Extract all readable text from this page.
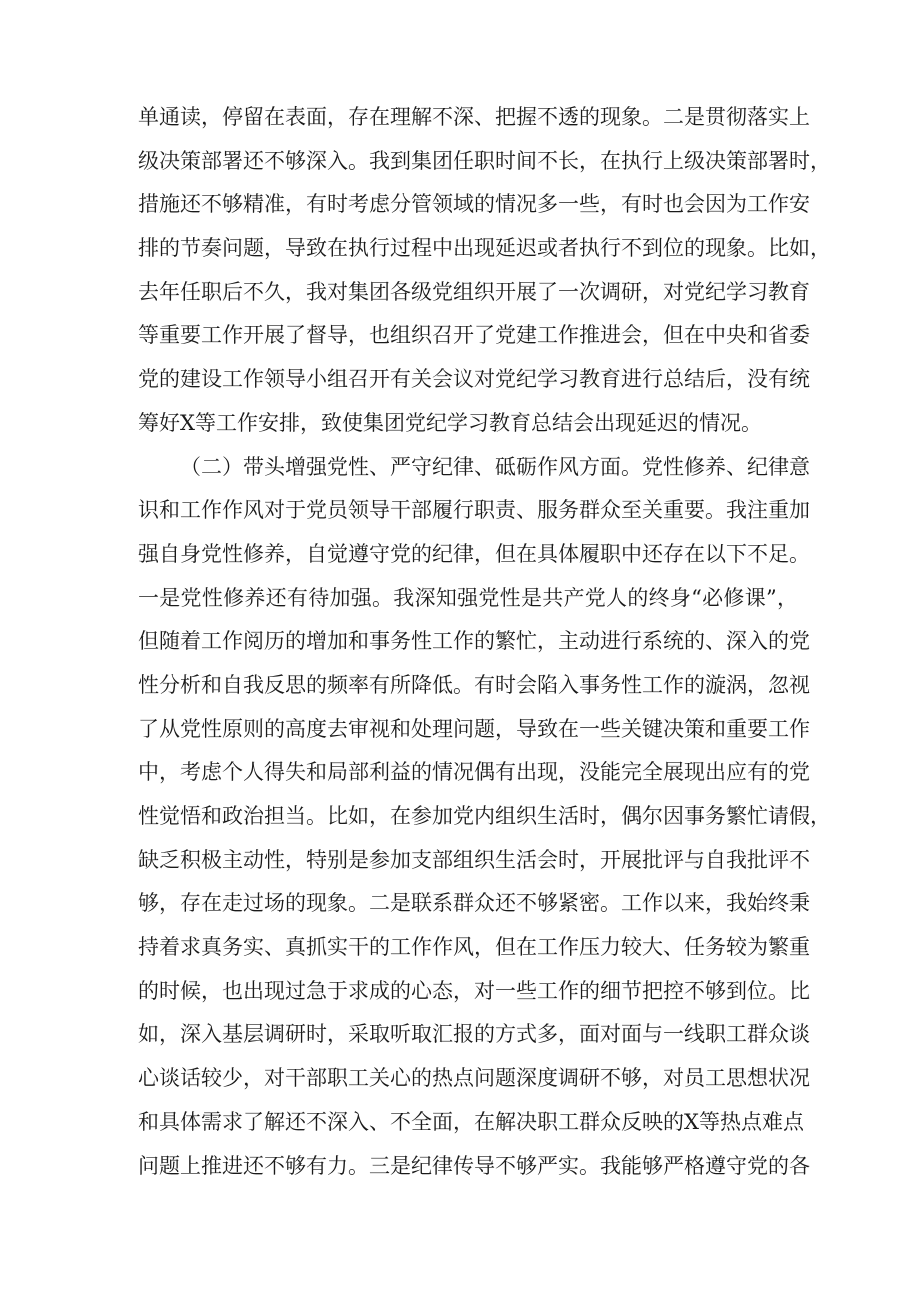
单通读，停留在表面，存在理解不深、把握不透的现象。二是贯彻落实上
级决策部署还不够深入。我到集团任职时间不长，在执行上级决策部署时，
措施还不够精准，有时考虑分管领域的情况多一些，有时也会因为工作安
排的节奏问题，导致在执行过程中出现延迟或者执行不到位的现象。比如，
去年任职后不久，我对集团各级党组织开展了一次调研，对党纪学习教育
等重要工作开展了督导，也组织召开了党建工作推进会，但在中央和省委
党的建设工作领导小组召开有关会议对党纪学习教育进行总结后，没有统
筹好X等工作安排，致使集团党纪学习教育总结会出现延迟的情况。
（二）带头增强党性、严守纪律、砥砺作风方面。党性修养、纪律意
识和工作作风对于党员领导干部履行职责、服务群众至关重要。我注重加
强自身党性修养，自觉遵守党的纪律，但在具体履职中还存在以下不足。
一是党性修养还有待加强。我深知强党性是共产党人的终身“必修课”，
但随着工作阅历的增加和事务性工作的繁忙，主动进行系统的、深入的党
性分析和自我反思的频率有所降低。有时会陷入事务性工作的漩涡，忽视
了从党性原则的高度去审视和处理问题，导致在一些关键决策和重要工作
中，考虑个人得失和局部利益的情况偶有出现，没能完全展现出应有的党
性觉悟和政治担当。比如，在参加党内组织生活时，偶尔因事务繁忙请假，
缺乏积极主动性，特别是参加支部组织生活会时，开展批评与自我批评不
够，存在走过场的现象。二是联系群众还不够紧密。工作以来，我始终秉
持着求真务实、真抓实干的工作作风，但在工作压力较大、任务较为繁重
的时候，也出现过急于求成的心态，对一些工作的细节把控不够到位。比
如，深入基层调研时，采取听取汇报的方式多，面对面与一线职工群众谈
心谈话较少，对干部职工关心的热点问题深度调研不够，对员工思想状况
和具体需求了解还不深入、不全面，在解决职工群众反映的X等热点难点
问题上推进还不够有力。三是纪律传导不够严实。我能够严格遵守党的各
